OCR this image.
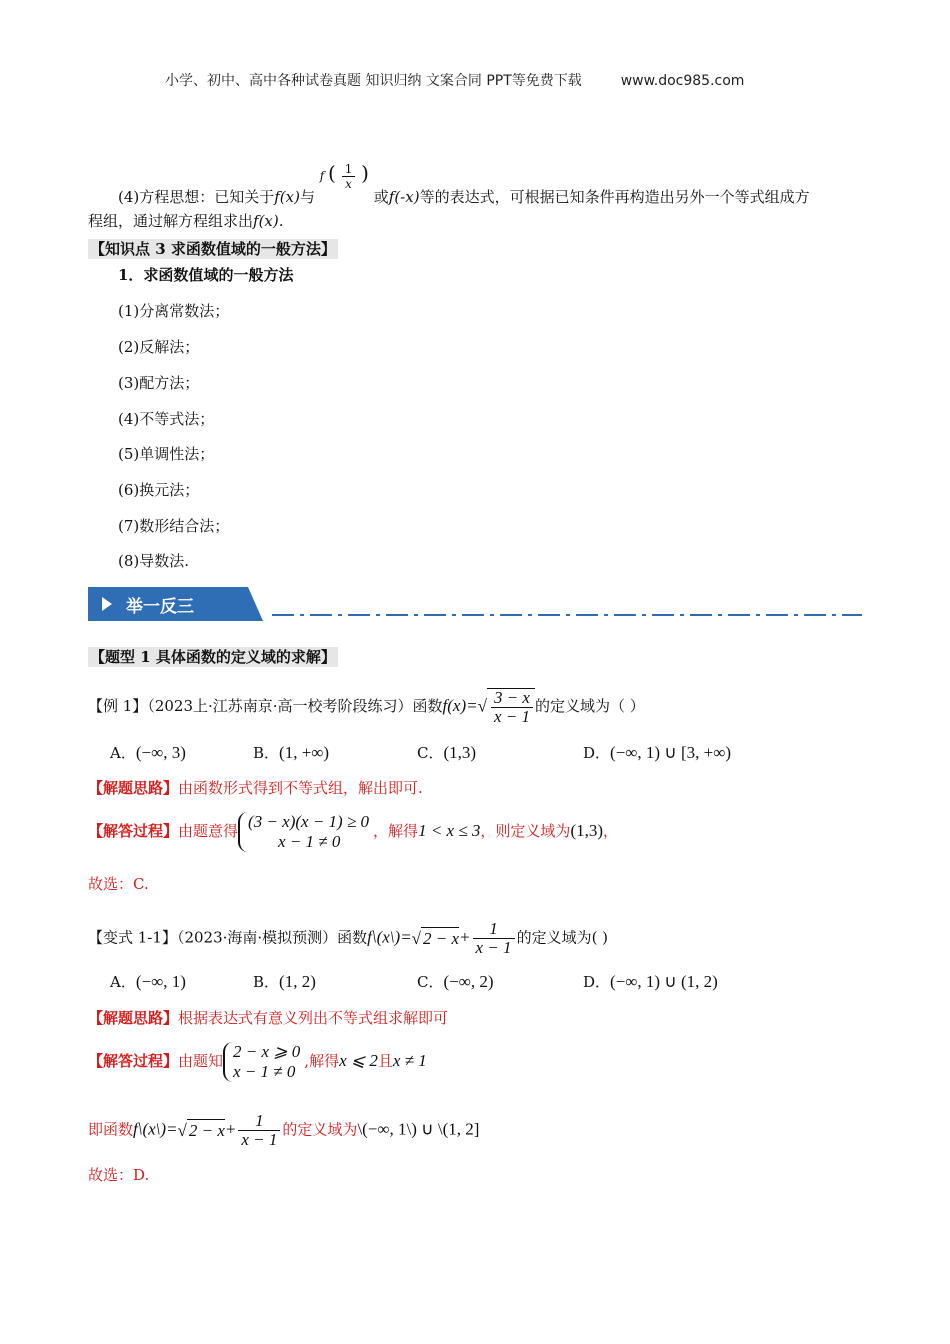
小学、初中、高中各种试卷真题 知识归纳 文案合同 PPT等免费下载	www.doc985.com
(4)方程思想：已知关于f(x)与 f ( $\frac{1}{x}$ ) 或f(-x)等的表达式，可根据已知条件再构造出另外一个等式组成方
程组，通过解方程组求出f(x).
【知识点 3 求函数值域的一般方法】
1．求函数值域的一般方法
(1)分离常数法；
(2)反解法；
(3)配方法；
(4)不等式法；
(5)单调性法；
(6)换元法；
(7)数形结合法；
(8)导数法.
举一反三
【题型 1 具体函数的定义域的求解】
【例 1】（2023上·江苏南京·高一校考阶段练习）函数$f(x)=√ \frac{3 - x}{x - 1}$ 的定义域为（ ）
A．(−∞, 3)	B．(1, +∞)	C．(1,3)	D．(−∞, 1) ∪ [3, +∞)
【解题思路】由函数形式得到不等式组，解出即可.
【解答过程】由题意得 (3 − x)(x − 1) ≥ 0
x − 1 ≠ 0
，解得1 < x ≤ 3，则定义域为(1,3)，
故选：C.
【变式 1-1】（2023·海南·模拟预测）函数f\(x\)=√ $2 - x+ \frac{1}{x - 1}$ 的定义域为( )
A．(−∞, 1)	B．(1, 2)	C．(−∞, 2)	D．(−∞, 1) ∪ (1, 2)
【解题思路】根据表达式有意义列出不等式组求解即可
【解答过程】由题知 2 − x ⩾ 0
x − 1 ≠ 0
,解得x ⩽ 2且x ≠ 1
即函数f\(x\)=√ $2 - x+ \frac{1}{x - 1}$ 的定义域为\(−∞, 1\) ∪ \(1, 2]
故选：D.
